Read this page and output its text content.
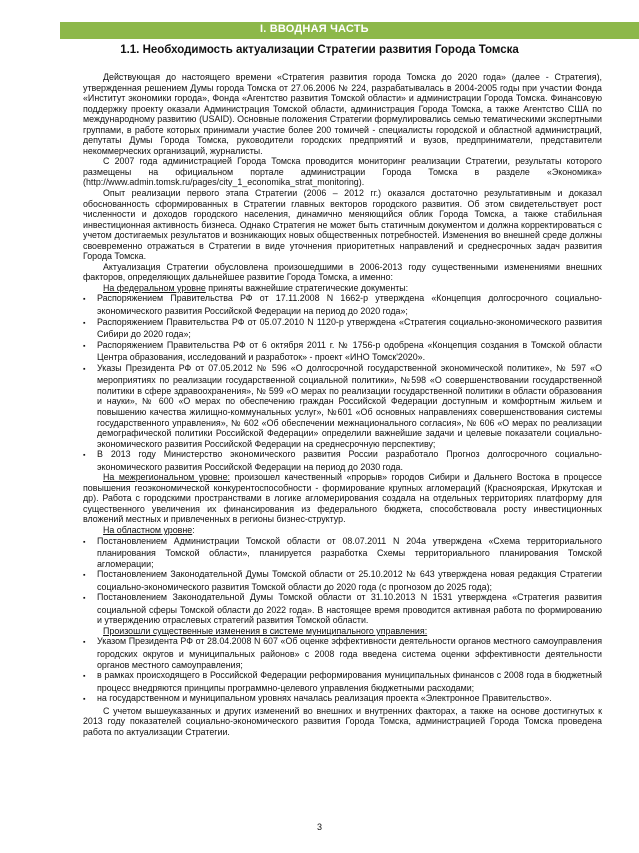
I. ВВОДНАЯ ЧАСТЬ
1.1. Необходимость актуализации Стратегии развития Города Томска

Действующая до настоящего времени «Стратегия развития города Томска до 2020 года» (далее - Стратегия), утвержденная решением Думы города Томска от 27.06.2006 № 224, разрабатывалась в 2004-2005 годы при участии Фонда «Институт экономики города», Фонда «Агентство развития Томской области» и администрации Города Томска. Финансовую поддержку проекту оказали Администрация Томской области, администрация Города Томска, а также Агентство США по международному развитию (USAID). Основные положения Стратегии формулировались семью тематическими экспертными группами, в работе которых принимали участие более 200 томичей - специалисты городской и областной администраций, депутаты Думы Города Томска, руководители городских предприятий и вузов, предприниматели, представители некоммерческих организаций, журналисты.

С 2007 года администрацией Города Томска проводится мониторинг реализации Стратегии, результаты которого размещены на официальном портале администрации Города Томска в разделе «Экономика» (http://www.admin.tomsk.ru/pages/city_1_economika_strat_monitoring).

Опыт реализации первого этапа Стратегии (2006 – 2012 гг.) оказался достаточно результативным и доказал обоснованность сформированных в Стратегии главных векторов городского развития. Об этом свидетельствует рост численности и доходов городского населения, динамично меняющийся облик Города Томска, а также стабильная инвестиционная активность бизнеса. Однако Стратегия не может быть статичным документом и должна корректироваться с учетом достигаемых результатов и возникающих новых общественных потребностей. Изменения во внешней среде должны своевременно отражаться в Стратегии в виде уточнения приоритетных направлений и среднесрочных задач развития Города Томска.

Актуализация Стратегии обусловлена произошедшими в 2006-2013 году существенными изменениями внешних факторов, определяющих дальнейшее развитие Города Томска, а именно:

На федеральном уровне приняты важнейшие стратегические документы:

▪ Распоряжением Правительства РФ от 17.11.2008 N 1662-р утверждена «Концепция долгосрочного социально-экономического развития Российской Федерации на период до 2020 года»;

▪ Распоряжением Правительства РФ от 05.07.2010 N 1120-р утверждена «Стратегия социально-экономического развития Сибири до 2020 года»;

▪ Распоряжением Правительства РФ от 6 октября 2011 г. № 1756-р одобрена «Концепция создания в Томской области Центра образования, исследований и разработок» - проект «ИНО Томск'2020».

▪ Указы Президента РФ от 07.05.2012 № 596 «О долгосрочной государственной экономической политике», № 597 «О мероприятиях по реализации государственной социальной политики», №598 «О совершенствовании государственной политики в сфере здравоохранения», № 599 «О мерах по реализации государственной политики в области образования и науки», № 600 «О мерах по обеспечению граждан Российской Федерации доступным и комфортным жильем и повышению качества жилищно-коммунальных услуг», №601 «Об основных направлениях совершенствования системы государственного управления», № 602 «Об обеспечении межнационального согласия», № 606 «О мерах по реализации демографической политики Российской Федерации» определили важнейшие задачи и целевые показатели социально-экономического развития Российской Федерации на среднесрочную перспективу;

▪ В 2013 году Министерство экономического развития России разработало Прогноз долгосрочного социально-экономического развития Российской Федерации на период до 2030 года.

На межрегиональном уровне: произошел качественный «прорыв» городов Сибири и Дальнего Востока в процессе повышения геоэкономической конкурентоспособности - формирование крупных агломераций (Красноярская, Иркутская и др). Работа с городскими пространствами в логике агломерирования создала на отдельных территориях платформу для существенного увеличения их финансирования из федерального бюджета, способствовала росту инвестиционных вложений местных и привлеченных в регионы бизнес-структур.

На областном уровне:

▪ Постановлением Администрации Томской области от 08.07.2011 N 204а утверждена «Схема территориального планирования Томской области», планируется разработка Схемы территориального планирования Томской агломерации;

▪ Постановлением Законодательной Думы Томской области от 25.10.2012 № 643 утверждена новая редакция Стратегии социально-экономического развития Томской области до 2020 года (с прогнозом до 2025 года);

▪ Постановлением Законодательной Думы Томской области от 31.10.2013 N 1531 утверждена «Стратегия развития социальной сферы Томской области до 2022 года». В настоящее время проводится активная работа по формированию и утверждению отраслевых стратегий развития Томской области.

Произошли существенные изменения в системе муниципального управления:

▪ Указом Президента РФ от 28.04.2008 N 607 «Об оценке эффективности деятельности органов местного самоуправления городских округов и муниципальных районов» с 2008 года введена система оценки эффективности деятельности органов местного самоуправления;

▪ в рамках происходящего в Российской Федерации реформирования муниципальных финансов с 2008 года в бюджетный процесс внедряются принципы программно-целевого управления бюджетными расходами;

▪ на государственном и муниципальном уровнях началась реализация проекта «Электронное Правительство».

С учетом вышеуказанных и других изменений во внешних и внутренних факторах, а также на основе достигнутых к 2013 году показателей социально-экономического развития Города Томска, администрацией Города Томска проведена работа по актуализации Стратегии.

3
